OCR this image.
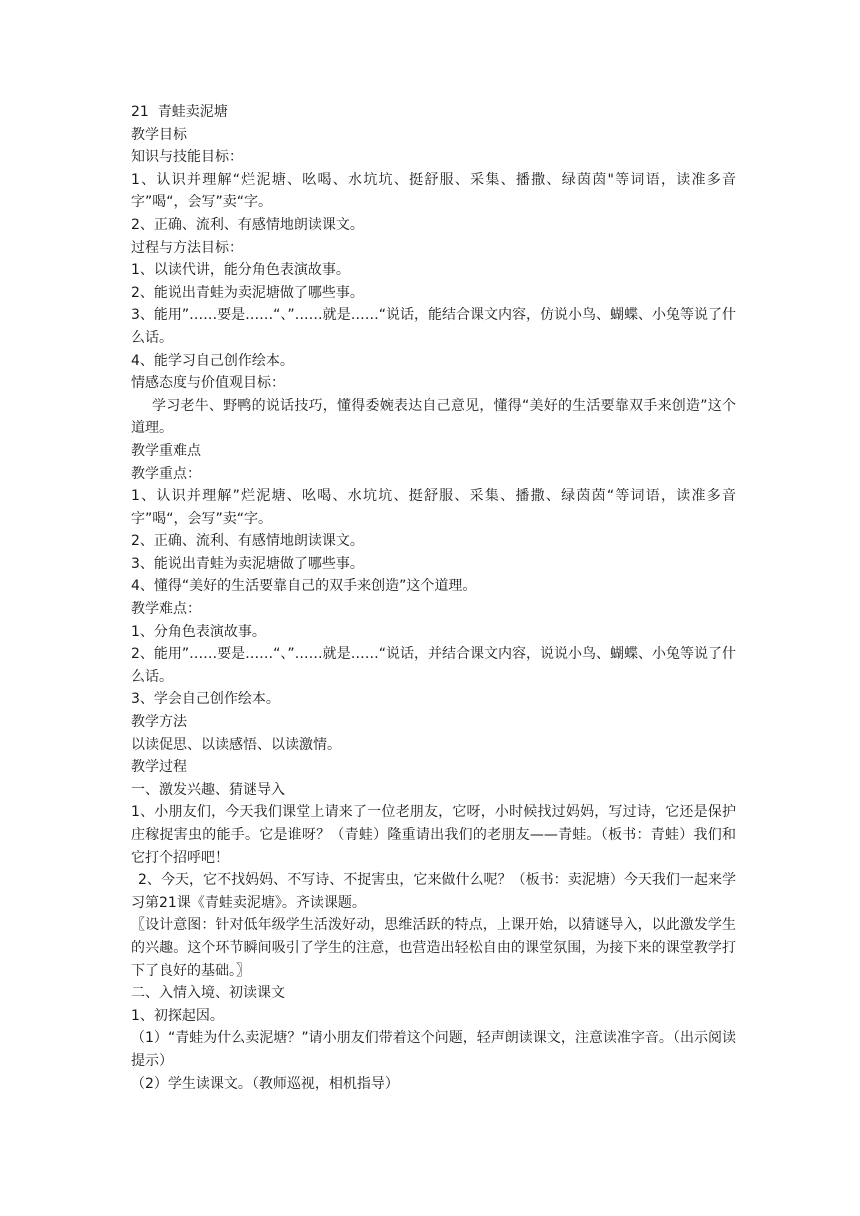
21  青蛙卖泥塘

教学目标

知识与技能目标：

1、认识并理解“烂泥塘、吆喝、水坑坑、挺舒服、采集、播撒、绿茵茵"等词语，读准多音字”喝“，会写”卖“字。

2、正确、流利、有感情地朗读课文。

过程与方法目标：

1、以读代讲，能分角色表演故事。

2、能说出青蛙为卖泥塘做了哪些事。

3、能用”……要是……“、”……就是……“说话，能结合课文内容，仿说小鸟、蝴蝶、小兔等说了什么话。

4、能学习自己创作绘本。

情感态度与价值观目标：

学习老牛、野鸭的说话技巧，懂得委婉表达自己意见，懂得“美好的生活要靠双手来创造”这个道理。

教学重难点

教学重点：

1、认识并理解”烂泥塘、吆喝、水坑坑、挺舒服、采集、播撒、绿茵茵“等词语，读准多音字”喝“，会写”卖“字。

2、正确、流利、有感情地朗读课文。

3、能说出青蛙为卖泥塘做了哪些事。

4、懂得“美好的生活要靠自己的双手来创造”这个道理。

教学难点：

1、分角色表演故事。

2、能用”……要是……“、”……就是……“说话，并结合课文内容，说说小鸟、蝴蝶、小兔等说了什么话。

3、学会自己创作绘本。

教学方法

以读促思、以读感悟、以读激情。

教学过程

一、激发兴趣、猜谜导入

1、小朋友们，今天我们课堂上请来了一位老朋友，它呀，小时候找过妈妈，写过诗，它还是保护庄稼捉害虫的能手。它是谁呀？（青蛙）隆重请出我们的老朋友——青蛙。（板书：青蛙）我们和它打个招呼吧！

2、今天，它不找妈妈、不写诗、不捉害虫，它来做什么呢？（板书：卖泥塘）今天我们一起来学习第21课《青蛙卖泥塘》。齐读课题。

〖设计意图：针对低年级学生活泼好动，思维活跃的特点，上课开始，以猜谜导入，以此激发学生的兴趣。这个环节瞬间吸引了学生的注意，也营造出轻松自由的课堂氛围，为接下来的课堂教学打下了良好的基础。〗

二、入情入境、初读课文

1、初探起因。

（1）“青蛙为什么卖泥塘？”请小朋友们带着这个问题，轻声朗读课文，注意读准字音。（出示阅读提示）

（2）学生读课文。（教师巡视，相机指导）
